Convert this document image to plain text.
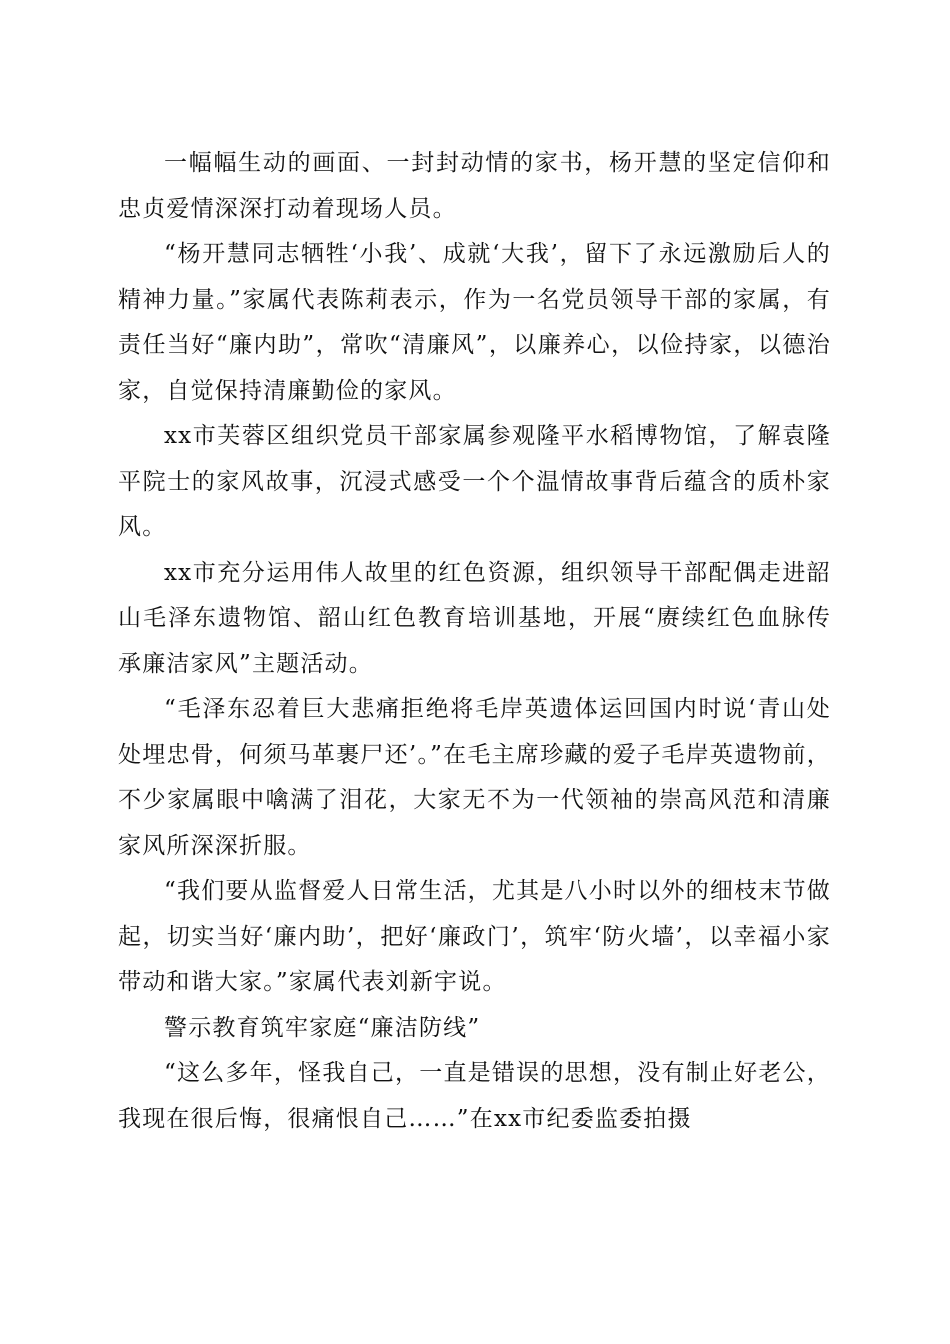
一幅幅生动的画面、一封封动情的家书，杨开慧的坚定信仰和忠贞爱情深深打动着现场人员。

“杨开慧同志牺牲‘小我’、成就‘大我’，留下了永远激励后人的精神力量。”家属代表陈莉表示，作为一名党员领导干部的家属，有责任当好“廉内助”，常吹“清廉风”，以廉养心，以俭持家，以德治家，自觉保持清廉勤俭的家风。

xx市芙蓉区组织党员干部家属参观隆平水稻博物馆，了解袁隆平院士的家风故事，沉浸式感受一个个温情故事背后蕴含的质朴家风。

xx市充分运用伟人故里的红色资源，组织领导干部配偶走进韶山毛泽东遗物馆、韶山红色教育培训基地，开展“赓续红色血脉传承廉洁家风”主题活动。

“毛泽东忍着巨大悲痛拒绝将毛岸英遗体运回国内时说‘青山处处埋忠骨，何须马革裹尸还’。”在毛主席珍藏的爱子毛岸英遗物前，不少家属眼中噙满了泪花，大家无不为一代领袖的崇高风范和清廉家风所深深折服。

“我们要从监督爱人日常生活，尤其是八小时以外的细枝末节做起，切实当好‘廉内助’，把好‘廉政门’，筑牢‘防火墙’，以幸福小家带动和谐大家。”家属代表刘新宇说。

警示教育筑牢家庭“廉洁防线”

“这么多年，怪我自己，一直是错误的思想，没有制止好老公，我现在很后悔，很痛恨自己……”在xx市纪委监委拍摄
